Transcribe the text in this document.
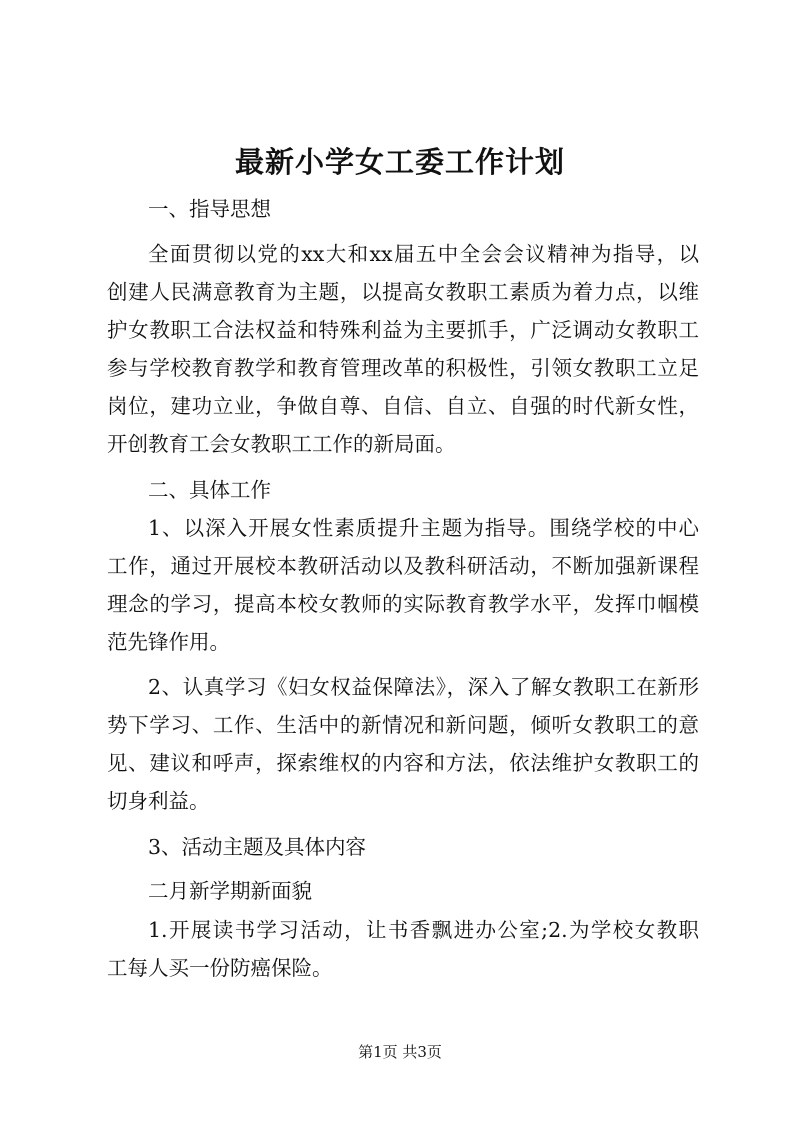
最新小学女工委工作计划

一、指导思想

全面贯彻以党的xx大和xx届五中全会会议精神为指导，以

创建人民满意教育为主题，以提高女教职工素质为着力点，以维

护女教职工合法权益和特殊利益为主要抓手，广泛调动女教职工

参与学校教育教学和教育管理改革的积极性，引领女教职工立足

岗位，建功立业，争做自尊、自信、自立、自强的时代新女性，

开创教育工会女教职工工作的新局面。

二、具体工作

1、以深入开展女性素质提升主题为指导。围绕学校的中心

工作，通过开展校本教研活动以及教科研活动，不断加强新课程

理念的学习，提高本校女教师的实际教育教学水平，发挥巾帼模

范先锋作用。

2、认真学习《妇女权益保障法》，深入了解女教职工在新形

势下学习、工作、生活中的新情况和新问题，倾听女教职工的意

见、建议和呼声，探索维权的内容和方法，依法维护女教职工的

切身利益。

3、活动主题及具体内容

二月新学期新面貌

1.开展读书学习活动，让书香飘进办公室;2.为学校女教职

工每人买一份防癌保险。

第1页 共3页
